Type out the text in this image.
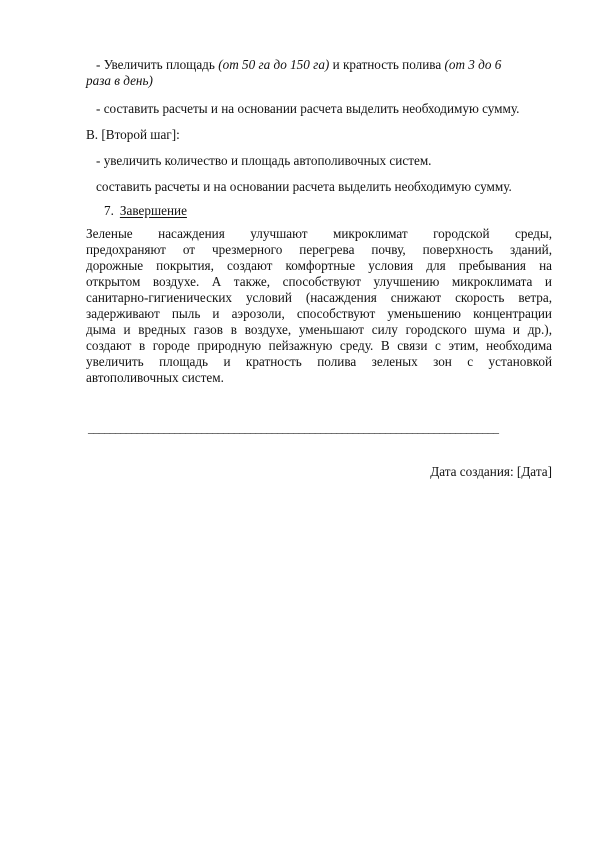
- Увеличить площадь (от 50 га до 150 га) и кратность полива (от 3 до 6
раза в день)
- составить расчеты и на основании расчета выделить необходимую сумму.
B. [Второй шаг]:
- увеличить количество и площадь автополивочных систем.
составить расчеты и на основании расчета выделить необходимую сумму.
7. Завершение
Зеленые насаждения улучшают микроклимат городской среды,
предохраняют от чрезмерного перегрева почву, поверхность зданий,
дорожные покрытия, создают комфортные условия для пребывания на
открытом воздухе. А также, способствуют улучшению микроклимата и
санитарно-гигиенических условий (насаждения снижают скорость ветра,
задерживают пыль и аэрозоли, способствуют уменьшению концентрации
дыма и вредных газов в воздухе, уменьшают силу городского шума и др.),
создают в городе природную пейзажную среду. В связи с этим, необходима
увеличить площадь и кратность полива зеленых зон с установкой
автополивочных систем.
____________________________________________________________________________
Дата создания: [Дата]
